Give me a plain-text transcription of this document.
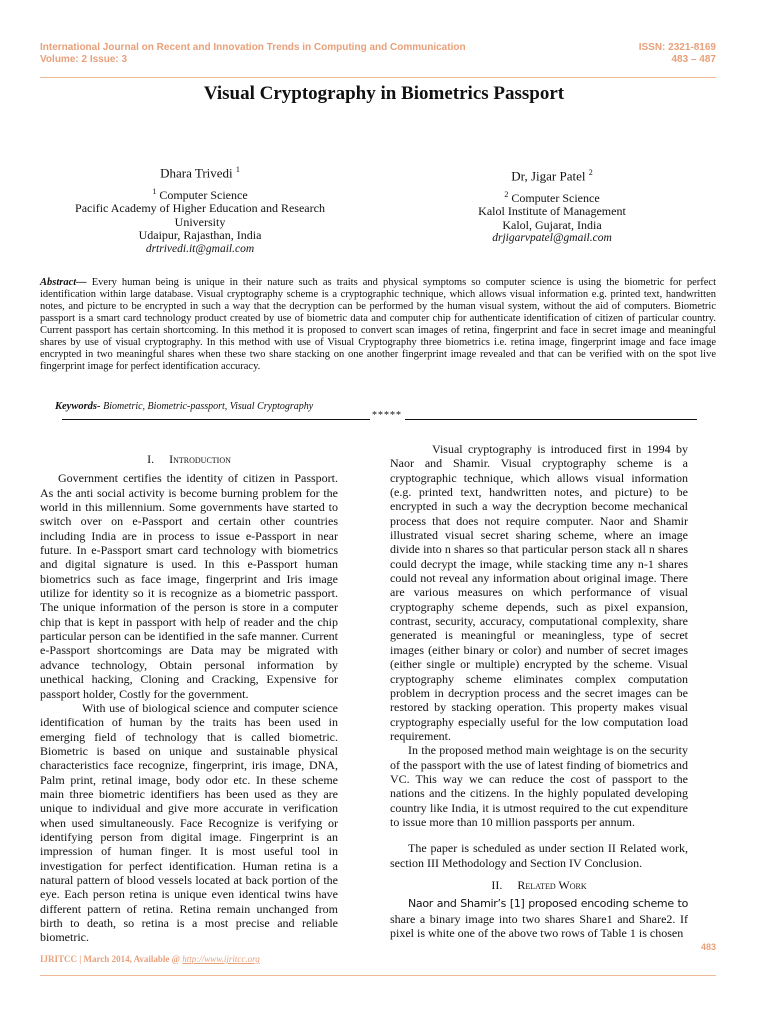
International Journal on Recent and Innovation Trends in Computing and Communication
Volume: 2 Issue: 3
ISSN: 2321-8169
483 – 487
Visual Cryptography in Biometrics Passport
Dhara Trivedi $^1$
$^1$ Computer Science
Pacific Academy of Higher Education and Research
University
Udaipur, Rajasthan, India
drtrivedi.it@gmail.com
Dr, Jigar Patel $^2$
$^2$ Computer Science
Kalol Institute of Management
Kalol, Gujarat, India
drjigarvpatel@gmail.com
Abstract— Every human being is unique in their nature such as traits and physical symptoms so computer science is using the biometric for perfect identification within large database. Visual cryptography scheme is a cryptographic technique, which allows visual information e.g. printed text, handwritten notes, and picture to be encrypted in such a way that the decryption can be performed by the human visual system, without the aid of computers. Biometric passport is a smart card technology product created by use of biometric data and computer chip for authenticate identification of citizen of particular country. Current passport has certain shortcoming. In this method it is proposed to convert scan images of retina, fingerprint and face in secret image and meaningful shares by use of visual cryptography. In this method with use of Visual Cryptography three biometrics i.e. retina image, fingerprint image and face image encrypted in two meaningful shares when these two share stacking on one another fingerprint image revealed and that can be verified with on the spot live fingerprint image for perfect identification accuracy.
Keywords- Biometric, Biometric-passport, Visual Cryptography
*****
I. Introduction

Government certifies the identity of citizen in Passport. As the anti social activity is become burning problem for the world in this millennium. Some governments have started to switch over on e-Passport and certain other countries including India are in process to issue e-Passport in near future. In e-Passport smart card technology with biometrics and digital signature is used. In this e-Passport human biometrics such as face image, fingerprint and Iris image utilize for identity so it is recognize as a biometric passport. The unique information of the person is store in a computer chip that is kept in passport with help of reader and the chip particular person can be identified in the safe manner. Current e-Passport shortcomings are Data may be migrated with advance technology, Obtain personal information by unethical hacking, Cloning and Cracking, Expensive for passport holder, Costly for the government.

With use of biological science and computer science identification of human by the traits has been used in emerging field of technology that is called biometric. Biometric is based on unique and sustainable physical characteristics face recognize, fingerprint, iris image, DNA, Palm print, retinal image, body odor etc. In these scheme main three biometric identifiers has been used as they are unique to individual and give more accurate in verification when used simultaneously. Face Recognize is verifying or identifying person from digital image. Fingerprint is an impression of human finger. It is most useful tool in investigation for perfect identification. Human retina is a natural pattern of blood vessels located at back portion of the eye. Each person retina is unique even identical twins have different pattern of retina. Retina remain unchanged from birth to death, so retina is a most precise and reliable biometric.

Visual cryptography is introduced first in 1994 by Naor and Shamir. Visual cryptography scheme is a cryptographic technique, which allows visual information (e.g. printed text, handwritten notes, and picture) to be encrypted in such a way the decryption become mechanical process that does not require computer. Naor and Shamir illustrated visual secret sharing scheme, where an image divide into n shares so that particular person stack all n shares could decrypt the image, while stacking time any n-1 shares could not reveal any information about original image. There are various measures on which performance of visual cryptography scheme depends, such as pixel expansion, contrast, security, accuracy, computational complexity, share generated is meaningful or meaningless, type of secret images (either binary or color) and number of secret images (either single or multiple) encrypted by the scheme. Visual cryptography scheme eliminates complex computation problem in decryption process and the secret images can be restored by stacking operation. This property makes visual cryptography especially useful for the low computation load requirement.

In the proposed method main weightage is on the security of the passport with the use of latest finding of biometrics and VC. This way we can reduce the cost of passport to the nations and the citizens. In the highly populated developing country like India, it is utmost required to the cut expenditure to issue more than 10 million passports per annum.

The paper is scheduled as under section II Related work, section III Methodology and Section IV Conclusion.

II. Related Work

Naor and Shamir’s [1] proposed encoding scheme to

share a binary image into two shares Share1 and Share2. If pixel is white one of the above two rows of Table 1 is chosen

483
IJRITCC | March 2014, Available @ http://www.ijritcc.org
